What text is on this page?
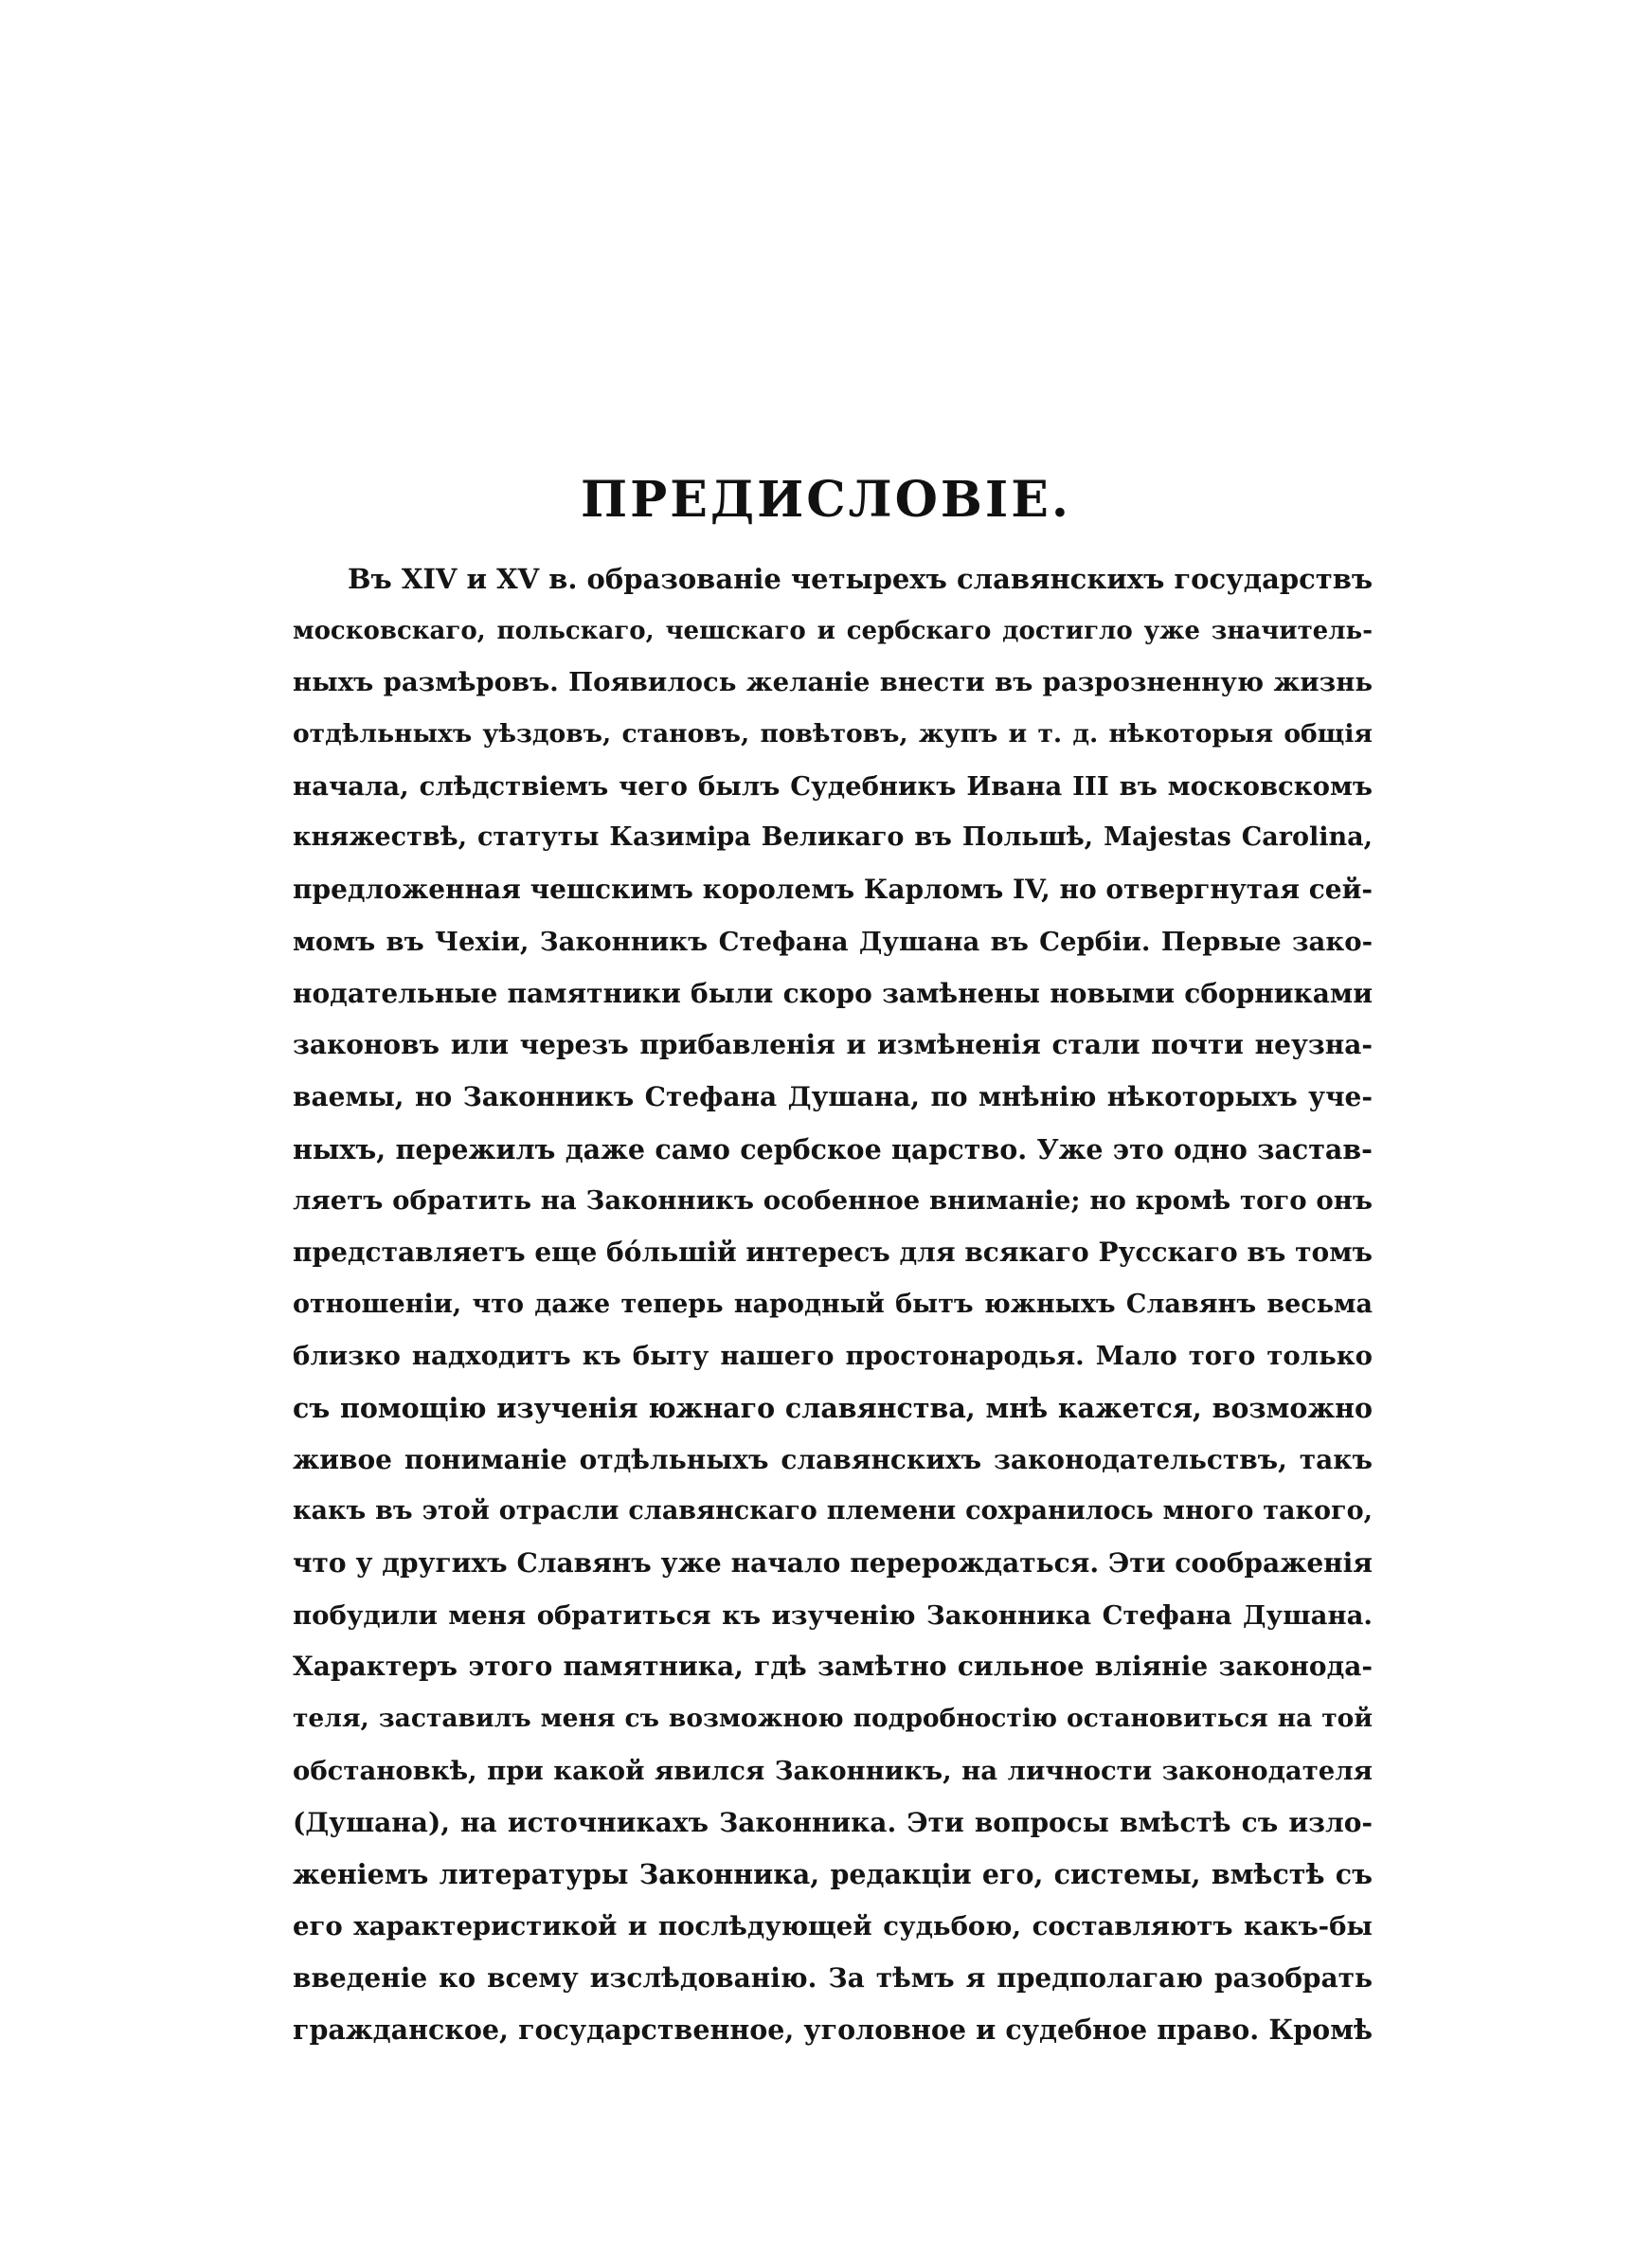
ПРЕДИСЛОВІЕ.
Въ XIV и XV в. образованіе четырехъ славянскихъ государствъ
московскаго, польскаго, чешскаго и сербскаго достигло уже значитель-
ныхъ размѣровъ. Появилось желаніе внести въ разрозненную жизнь
отдѣльныхъ уѣздовъ, становъ, повѣтовъ, жупъ и т. д. нѣкоторыя общія
начала, слѣдствіемъ чего былъ Судебникъ Ивана III въ московскомъ
княжествѣ, статуты Казиміра Великаго въ Польшѣ, Majestas Carolina,
предложенная чешскимъ королемъ Карломъ IV, но отвергнутая сей-
момъ въ Чехіи, Законникъ Стефана Душана въ Сербіи. Первые зако-
нодательные памятники были скоро замѣнены новыми сборниками
законовъ или черезъ прибавленія и измѣненія стали почти неузна-
ваемы, но Законникъ Стефана Душана, по мнѣнію нѣкоторыхъ уче-
ныхъ, пережилъ даже само сербское царство. Уже это одно застав-
ляетъ обратить на Законникъ особенное вниманіе; но кромѣ того онъ
представляетъ еще бо́льшій интересъ для всякаго Русскаго въ томъ
отношеніи, что даже теперь народный бытъ южныхъ Славянъ весьма
близко надходитъ къ быту нашего простонародья. Мало того только
съ помощію изученія южнаго славянства, мнѣ кажется, возможно
живое пониманіе отдѣльныхъ славянскихъ законодательствъ, такъ
какъ въ этой отрасли славянскаго племени сохранилось много такого,
что у другихъ Славянъ уже начало перерождаться. Эти соображенія
побудили меня обратиться къ изученію Законника Стефана Душана.
Характеръ этого памятника, гдѣ замѣтно сильное вліяніе законода-
теля, заставилъ меня съ возможною подробностію остановиться на той
обстановкѣ, при какой явился Законникъ, на личности законодателя
(Душана), на источникахъ Законника. Эти вопросы вмѣстѣ съ изло-
женіемъ литературы Законника, редакціи его, системы, вмѣстѣ съ
его характеристикой и послѣдующей судьбою, составляютъ какъ-бы
введеніе ко всему изслѣдованію. За тѣмъ я предполагаю разобрать
гражданское, государственное, уголовное и судебное право. Кромѣ
